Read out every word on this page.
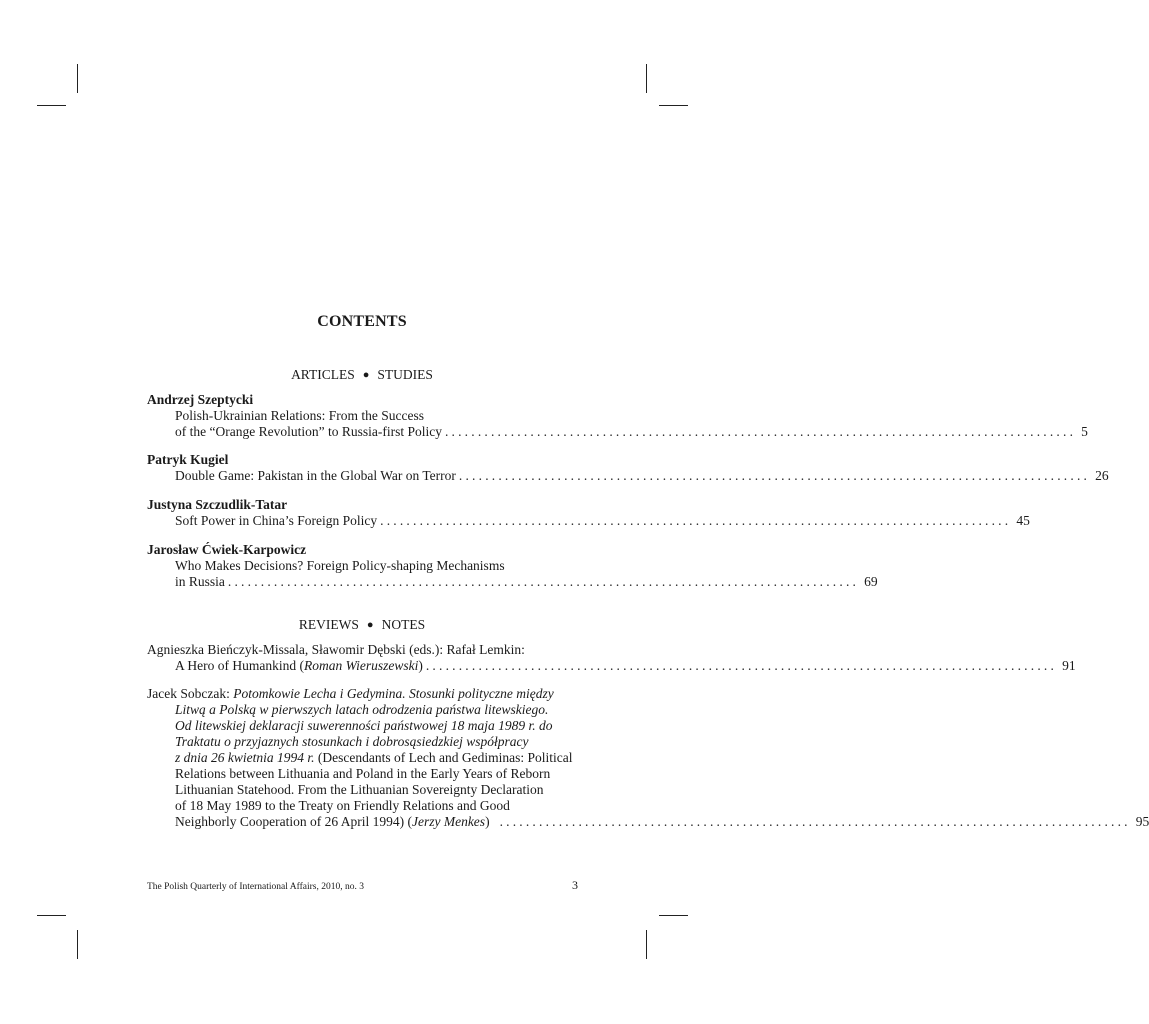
CONTENTS
ARTICLES ● STUDIES
Andrzej Szeptycki
Polish-Ukrainian Relations: From the Success
of the “Orange Revolution” to Russia-first Policy ................................................................................................ 5
Patryk Kugiel
Double Game: Pakistan in the Global War on Terror ................................................................................................ 26
Justyna Szczudlik-Tatar
Soft Power in China’s Foreign Policy ................................................................................................ 45
Jarosław Ćwiek-Karpowicz
Who Makes Decisions? Foreign Policy-shaping Mechanisms
in Russia ................................................................................................ 69
REVIEWS ● NOTES
Agnieszka Bieńczyk-Missala, Sławomir Dębski (eds.): Rafał Lemkin:
A Hero of Humankind (Roman Wieruszewski) ................................................................................................ 91
Jacek Sobczak: Potomkowie Lecha i Gedymina. Stosunki polityczne między
Litwą a Polską w pierwszych latach odrodzenia państwa litewskiego.
Od litewskiej deklaracji suwerenności państwowej 18 maja 1989 r. do
Traktatu o przyjaznych stosunkach i dobrosąsiedzkiej współpracy
z dnia 26 kwietnia 1994 r. (Descendants of Lech and Gediminas: Political
Relations between Lithuania and Poland in the Early Years of Reborn
Lithuanian Statehood. From the Lithuanian Sovereignty Declaration
of 18 May 1989 to the Treaty on Friendly Relations and Good
Neighborly Cooperation of 26 April 1994) (Jerzy Menkes) ................................................................................................ 95
The Polish Quarterly of International Affairs, 2010, no. 3	3
